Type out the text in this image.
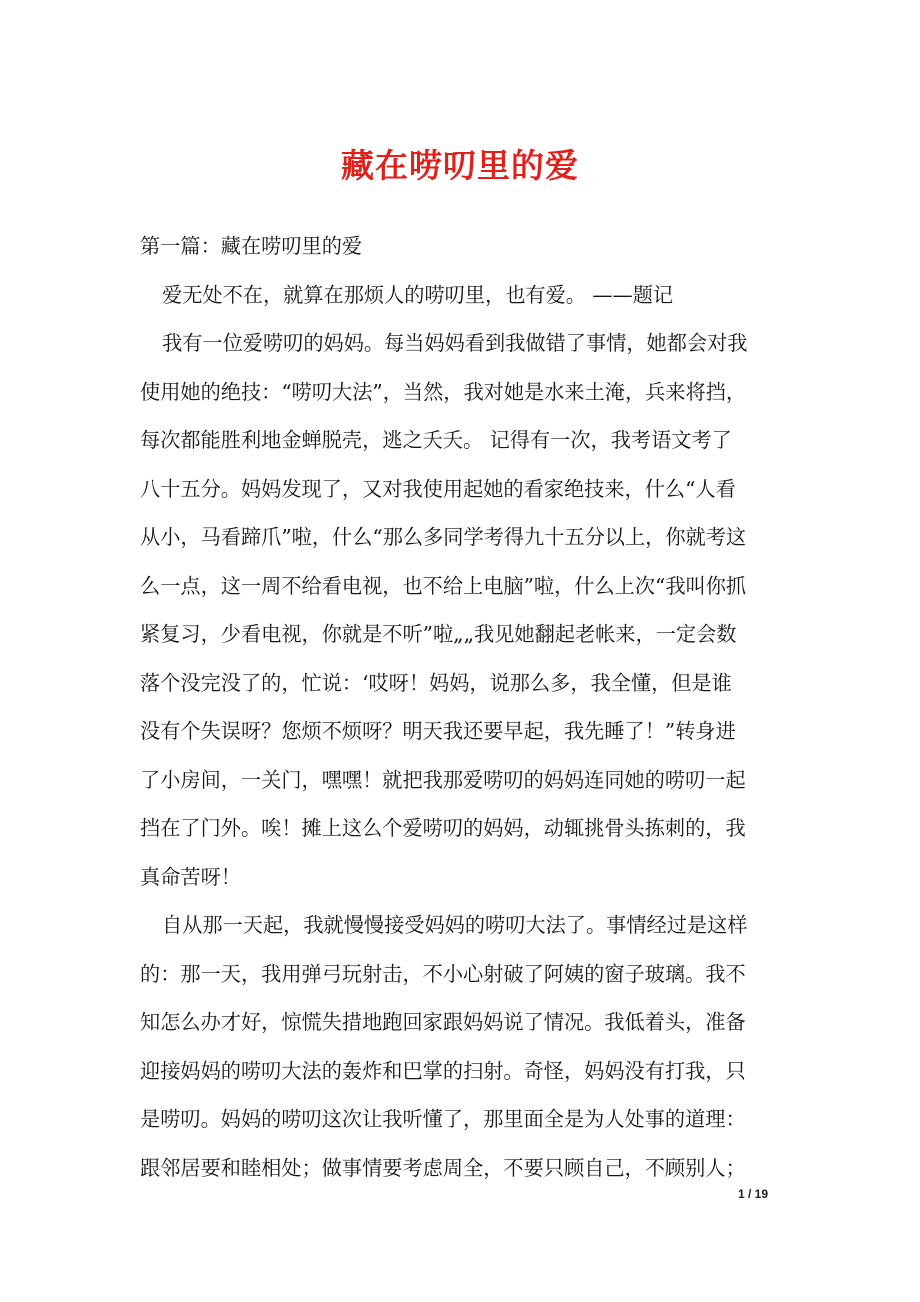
藏在唠叨里的爱
第一篇：藏在唠叨里的爱
爱无处不在，就算在那烦人的唠叨里，也有爱。 ——题记
我有一位爱唠叨的妈妈。每当妈妈看到我做错了事情，她都会对我
使用她的绝技：“唠叨大法”，当然，我对她是水来土淹，兵来将挡，
每次都能胜利地金蝉脱壳，逃之夭夭。 记得有一次，我考语文考了
八十五分。妈妈发现了，又对我使用起她的看家绝技来，什么“人看
从小，马看蹄爪”啦，什么“那么多同学考得九十五分以上，你就考这
么一点，这一周不给看电视，也不给上电脑”啦，什么上次“我叫你抓
紧复习，少看电视，你就是不听”啦„„我见她翻起老帐来，一定会数
落个没完没了的，忙说：‘哎呀！妈妈，说那么多，我全懂，但是谁
没有个失误呀？您烦不烦呀？明天我还要早起，我先睡了！”转身进
了小房间，一关门，嘿嘿！就把我那爱唠叨的妈妈连同她的唠叨一起
挡在了门外。唉！摊上这么个爱唠叨的妈妈，动辄挑骨头拣刺的，我
真命苦呀！
自从那一天起，我就慢慢接受妈妈的唠叨大法了。事情经过是这样
的：那一天，我用弹弓玩射击，不小心射破了阿姨的窗子玻璃。我不
知怎么办才好，惊慌失措地跑回家跟妈妈说了情况。我低着头，准备
迎接妈妈的唠叨大法的轰炸和巴掌的扫射。奇怪，妈妈没有打我，只
是唠叨。妈妈的唠叨这次让我听懂了，那里面全是为人处事的道理：
跟邻居要和睦相处；做事情要考虑周全，不要只顾自己，不顾别人；
1 / 19
